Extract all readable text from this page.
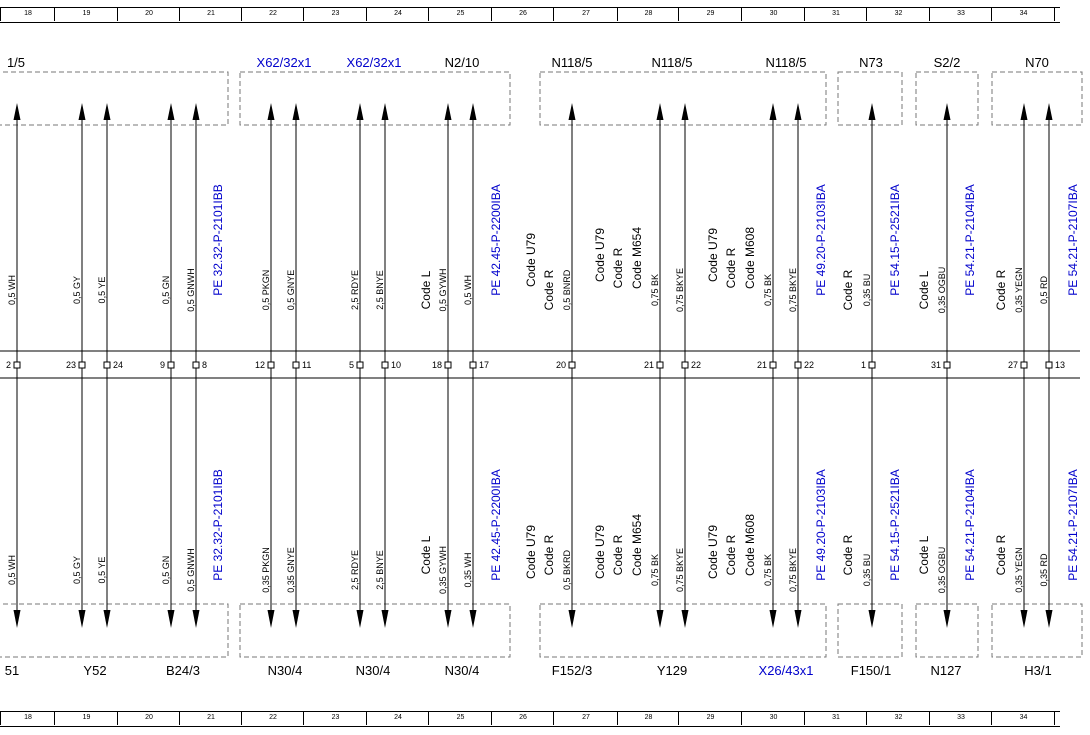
18	19	20	21	22	23	24	25	26	27	28	29	30	31	32	33	34
18	19	20	21	22	23	24	25	26	27	28	29	30	31	32	33	34
1/5	X62/32x1	X62/32x1	N2/10	N118/5	N118/5	N118/5	N73	S2/2	N70
51	Y52	B24/3	N30/4	N30/4	N30/4	F152/3	Y129	X26/43x1	F150/1	N127	H3/1
2
0,5 WH
0,5 WH
23
0,5 GY
0,5 GY
24
0,5 YE
0,5 YE
9
0,5 GN
0,5 GN
8
0,5 GNWH
0,5 GNWH
12
0,5 PKGN
0,35 PKGN
11
0,5 GNYE
0,35 GNYE
5
2,5 RDYE
2,5 RDYE
10
2,5 BNYE
2,5 BNYE
18
0,5 GYWH
0,35 GYWH
17
0,5 WH
0,35 WH
20
0,5 BNRD
0,5 BKRD
21
0,75 BK
0,75 BK
22
0,75 BKYE
0,75 BKYE
21
0,75 BK
0,75 BK
22
0,75 BKYE
0,75 BKYE
1
0,35 BU
0,35 BU
31
0,35 OGBU
0,35 OGBU
27
0,35 YEGN
0,35 YEGN
13
0,5 RD
0,35 RD
PE 32.32-P-2101IBB
PE 32.32-P-2101IBB
PE 42.45-P-2200IBA
PE 42.45-P-2200IBA
PE 49.20-P-2103IBA
PE 49.20-P-2103IBA
PE 54.15-P-2521IBA
PE 54.15-P-2521IBA
PE 54.21-P-2104IBA
PE 54.21-P-2104IBA
PE 54.21-P-2107IBA
PE 54.21-P-2107IBA
Code L
Code U79
Code R
Code U79 Code R Code M654	Code U79 Code R Code M608
Code R	Code L	Code R
Code L	Code U79 Code R	Code U79 Code R Code M654	Code U79 Code R Code M608	Code R	Code L	Code R
